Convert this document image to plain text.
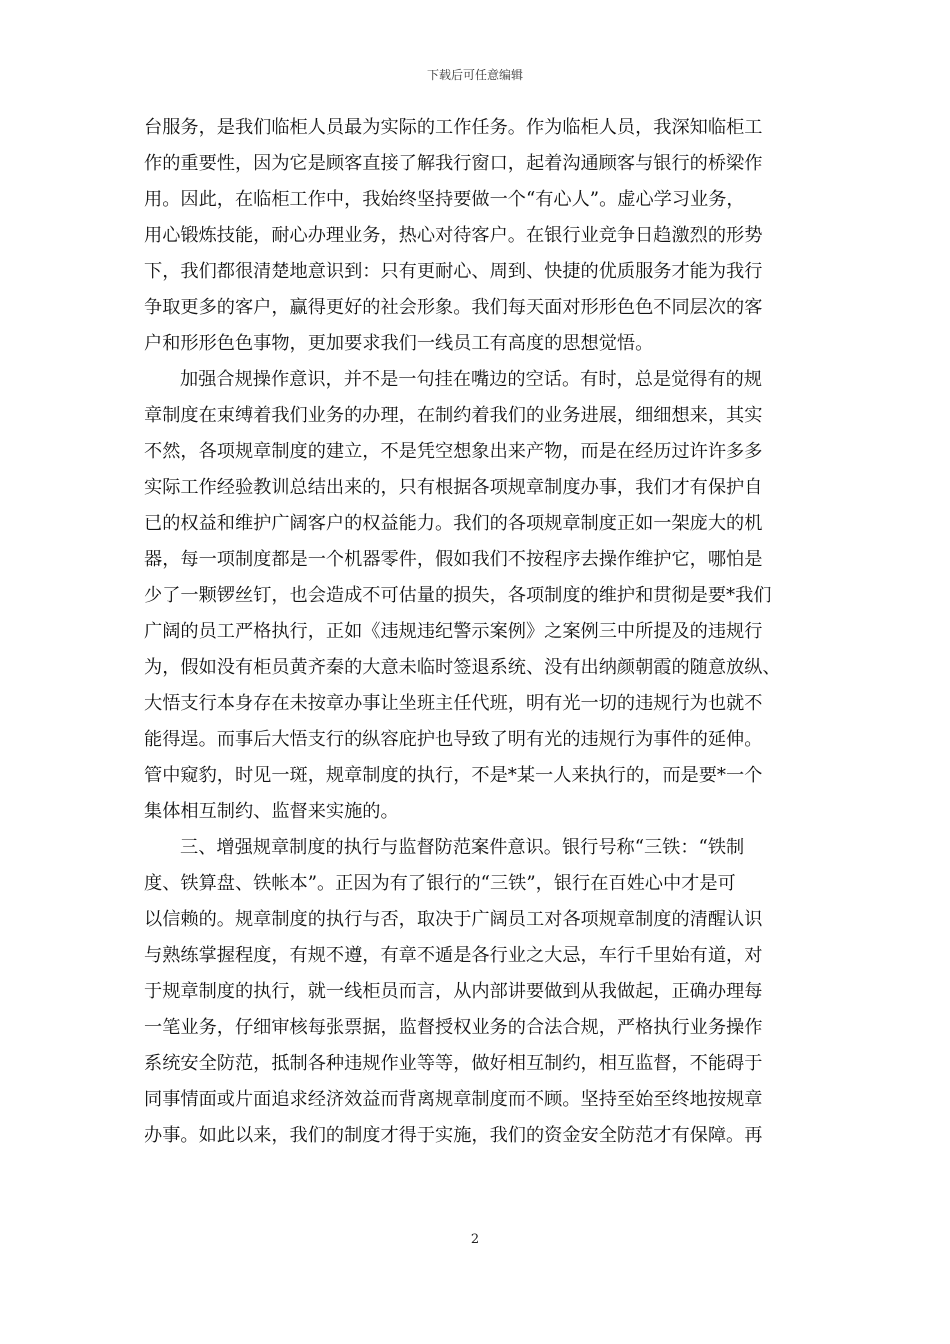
下载后可任意编辑
台服务，是我们临柜人员最为实际的工作任务。作为临柜人员，我深知临柜工
作的重要性，因为它是顾客直接了解我行窗口，起着沟通顾客与银行的桥梁作
用。因此，在临柜工作中，我始终坚持要做一个“有心人”。虚心学习业务，
用心锻炼技能，耐心办理业务，热心对待客户。在银行业竞争日趋激烈的形势
下，我们都很清楚地意识到：只有更耐心、周到、快捷的优质服务才能为我行
争取更多的客户，赢得更好的社会形象。我们每天面对形形色色不同层次的客
户和形形色色事物，更加要求我们一线员工有高度的思想觉悟。
加强合规操作意识，并不是一句挂在嘴边的空话。有时，总是觉得有的规
章制度在束缚着我们业务的办理，在制约着我们的业务进展，细细想来，其实
不然，各项规章制度的建立，不是凭空想象出来产物，而是在经历过许许多多
实际工作经验教训总结出来的，只有根据各项规章制度办事，我们才有保护自
已的权益和维护广阔客户的权益能力。我们的各项规章制度正如一架庞大的机
器，每一项制度都是一个机器零件，假如我们不按程序去操作维护它，哪怕是
少了一颗锣丝钉，也会造成不可估量的损失，各项制度的维护和贯彻是要*我们
广阔的员工严格执行，正如《违规违纪警示案例》之案例三中所提及的违规行
为，假如没有柜员黄齐秦的大意未临时签退系统、没有出纳颜朝霞的随意放纵、
大悟支行本身存在未按章办事让坐班主任代班，明有光一切的违规行为也就不
能得逞。而事后大悟支行的纵容庇护也导致了明有光的违规行为事件的延伸。
管中窥豹，时见一斑，规章制度的执行，不是*某一人来执行的，而是要*一个
集体相互制约、监督来实施的。
三、增强规章制度的执行与监督防范案件意识。银行号称“三铁：“铁制
度、铁算盘、铁帐本”。正因为有了银行的“三铁”，银行在百姓心中才是可
以信赖的。规章制度的执行与否，取决于广阔员工对各项规章制度的清醒认识
与熟练掌握程度，有规不遵，有章不遁是各行业之大忌，车行千里始有道，对
于规章制度的执行，就一线柜员而言，从内部讲要做到从我做起，正确办理每
一笔业务，仔细审核每张票据，监督授权业务的合法合规，严格执行业务操作
系统安全防范，抵制各种违规作业等等，做好相互制约，相互监督，不能碍于
同事情面或片面追求经济效益而背离规章制度而不顾。坚持至始至终地按规章
办事。如此以来，我们的制度才得于实施，我们的资金安全防范才有保障。再
2
